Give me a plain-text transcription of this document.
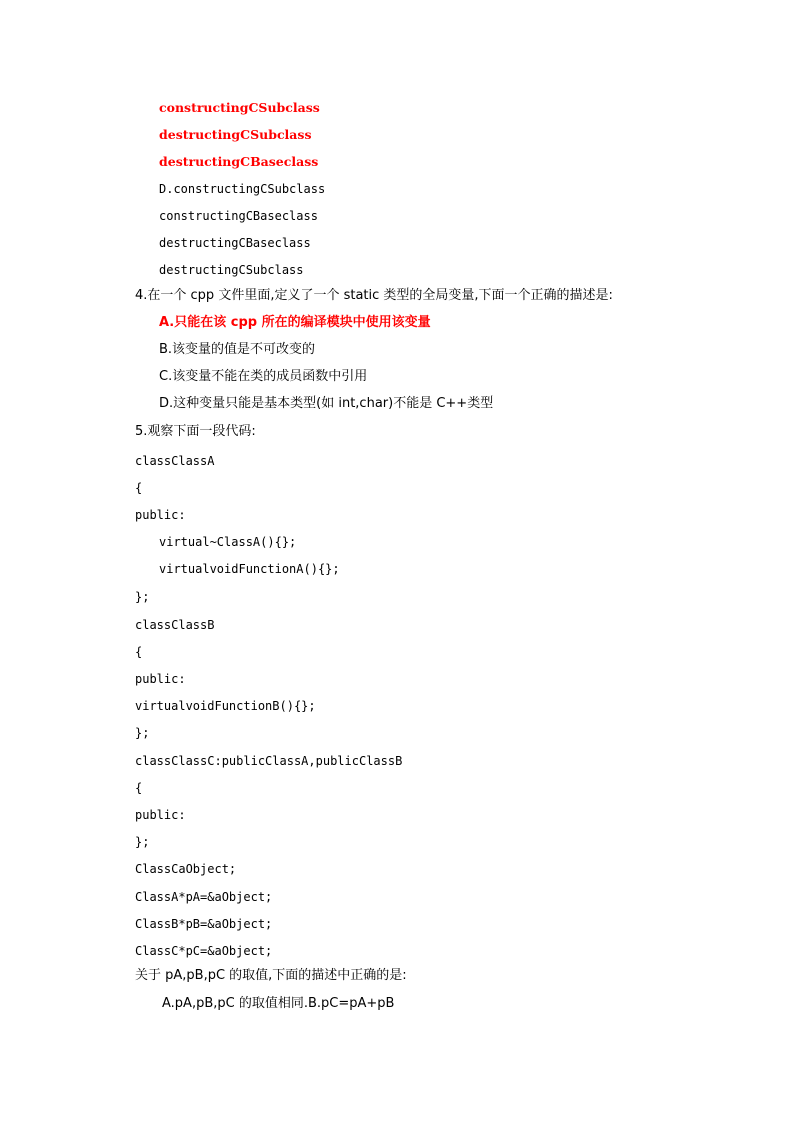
constructingCSubclass
destructingCSubclass
destructingCBaseclass
D.constructingCSubclass
constructingCBaseclass
destructingCBaseclass
destructingCSubclass
4.在一个 cpp 文件里面,定义了一个 static 类型的全局变量,下面一个正确的描述是:
A.只能在该 cpp 所在的编译模块中使用该变量
B.该变量的值是不可改变的
C.该变量不能在类的成员函数中引用
D.这种变量只能是基本类型(如 int,char)不能是 C++类型
5.观察下面一段代码:
classClassA
{
public:
virtual~ClassA(){};
virtualvoidFunctionA(){};
};
classClassB
{
public:
virtualvoidFunctionB(){};
};
classClassC:publicClassA,publicClassB
{
public:
};
ClassCaObject;
ClassA*pA=&aObject;
ClassB*pB=&aObject;
ClassC*pC=&aObject;
关于 pA,pB,pC 的取值,下面的描述中正确的是:
A.pA,pB,pC 的取值相同.B.pC=pA+pB
